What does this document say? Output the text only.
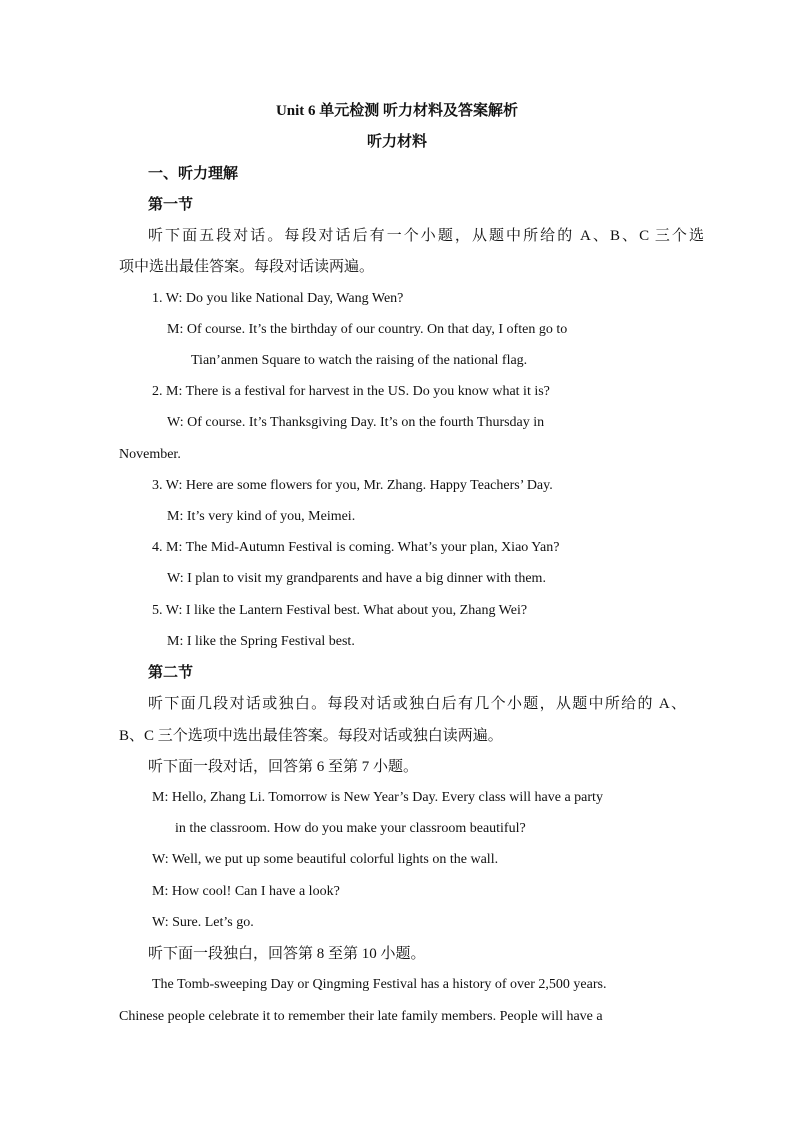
Unit 6 单元检测 听力材料及答案解析
听力材料
一、听力理解
第一节
听下面五段对话。每段对话后有一个小题，从题中所给的 A、B、C 三个选
项中选出最佳答案。每段对话读两遍。
1. W: Do you like National Day, Wang Wen?
M: Of course. It’s the birthday of our country. On that day, I often go to
Tian’anmen Square to watch the raising of the national flag.
2. M: There is a festival for harvest in the US. Do you know what it is?
W: Of course. It’s Thanksgiving Day. It’s on the fourth Thursday in
November.
3. W: Here are some flowers for you, Mr. Zhang. Happy Teachers’ Day.
M: It’s very kind of you, Meimei.
4. M: The Mid-Autumn Festival is coming. What’s your plan, Xiao Yan?
W: I plan to visit my grandparents and have a big dinner with them.
5. W: I like the Lantern Festival best. What about you, Zhang Wei?
M: I like the Spring Festival best.
第二节
听下面几段对话或独白。每段对话或独白后有几个小题，从题中所给的 A、
B、C 三个选项中选出最佳答案。每段对话或独白读两遍。
听下面一段对话，回答第 6 至第 7 小题。
M: Hello, Zhang Li. Tomorrow is New Year’s Day. Every class will have a party
in the classroom. How do you make your classroom beautiful?
W: Well, we put up some beautiful colorful lights on the wall.
M: How cool! Can I have a look?
W: Sure. Let’s go.
听下面一段独白，回答第 8 至第 10 小题。
The Tomb-sweeping Day or Qingming Festival has a history of over 2,500 years.
Chinese people celebrate it to remember their late family members. People will have a
